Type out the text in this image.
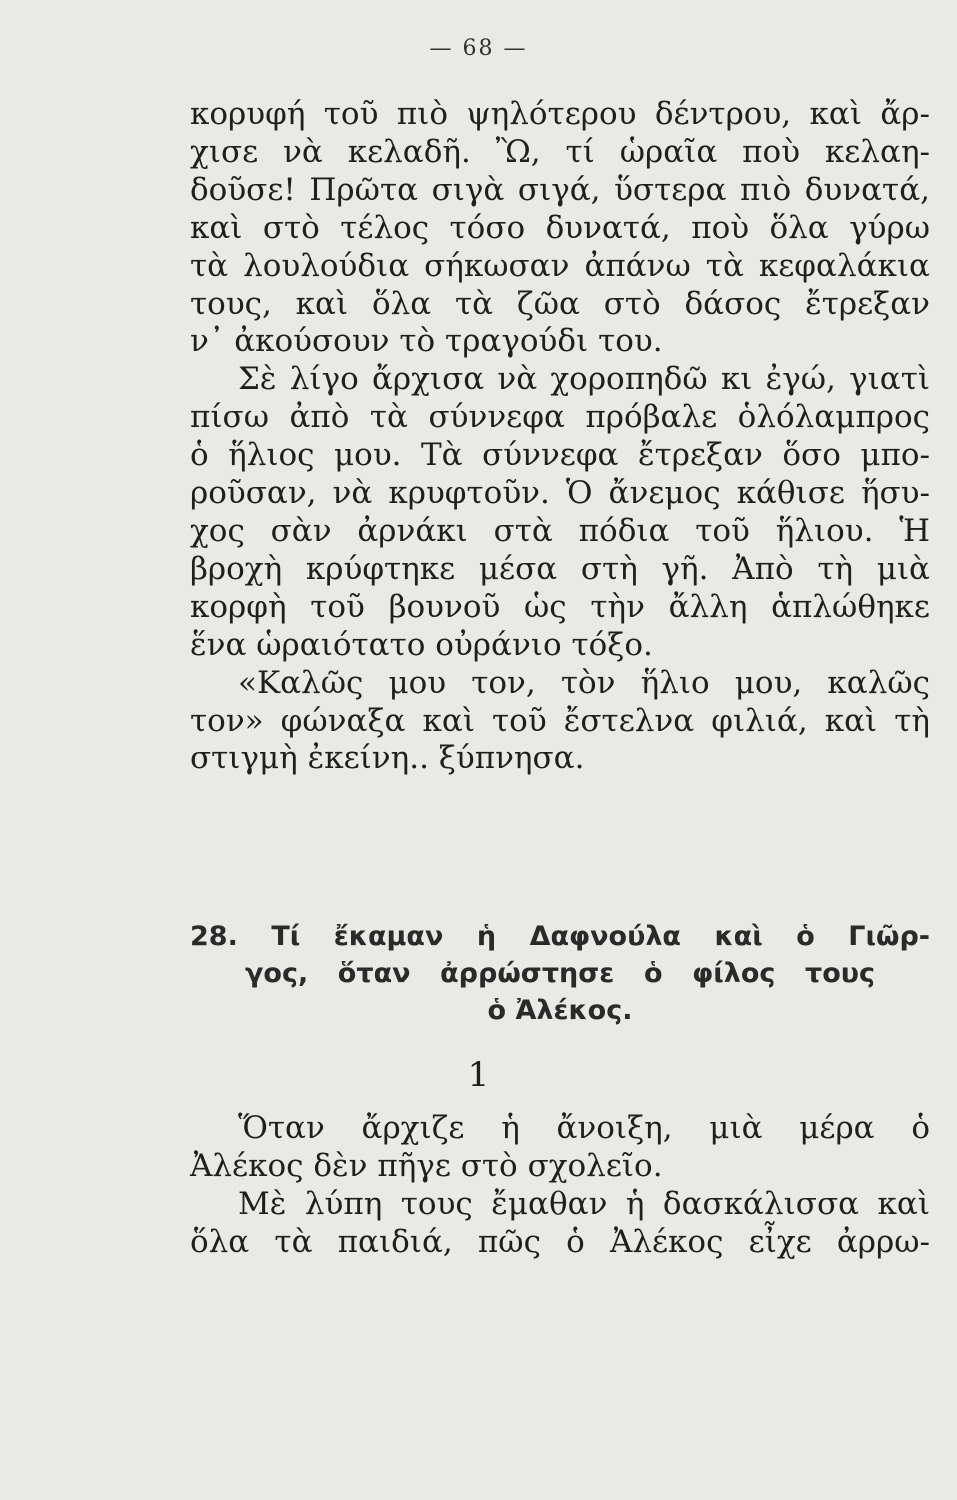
— 68 —
κορυφή τοῦ πιὸ ψηλότερου δέντρου, καὶ ἄρ-
χισε νὰ κελαδῆ. Ὢ, τί ὡραῖα ποὺ κελαη-
δοῦσε! Πρῶτα σιγὰ σιγά, ὕστερα πιὸ δυνατά,
καὶ στὸ τέλος τόσο δυνατά, ποὺ ὅλα γύρω
τὰ λουλούδια σήκωσαν ἀπάνω τὰ κεφαλάκια
τους, καὶ ὅλα τὰ ζῶα στὸ δάσος ἔτρεξαν
ν᾽ ἀκούσουν τὸ τραγούδι του.
Σὲ λίγο ἄρχισα νὰ χοροπηδῶ κι ἐγώ, γιατὶ
πίσω ἀπὸ τὰ σύννεφα πρόβαλε ὁλόλαμπρος
ὁ ἥλιος μου. Τὰ σύννεφα ἔτρεξαν ὅσο μπο-
ροῦσαν, νὰ κρυφτοῦν. Ὁ ἄνεμος κάθισε ἥσυ-
χος σὰν ἀρνάκι στὰ πόδια τοῦ ἥλιου. Ἡ
βροχὴ κρύφτηκε μέσα στὴ γῆ. Ἀπὸ τὴ μιὰ
κορφὴ τοῦ βουνοῦ ὡς τὴν ἄλλη ἁπλώθηκε
ἕνα ὡραιότατο οὐράνιο τόξο.
«Καλῶς μου τον, τὸν ἥλιο μου, καλῶς
τον» φώναξα καὶ τοῦ ἔστελνα φιλιά, καὶ τὴ
στιγμὴ ἐκείνη.. ξύπνησα.
28. Τί ἔκαμαν ἡ Δαφνούλα καὶ ὁ Γιῶρ-
γος, ὅταν ἀρρώστησε ὁ φίλος τους
ὁ Ἀλέκος.
1
Ὅταν ἄρχιζε ἡ ἄνοιξη, μιὰ μέρα ὁ
Ἀλέκος δὲν πῆγε στὸ σχολεῖο.
Μὲ λύπη τους ἔμαθαν ἡ δασκάλισσα καὶ
ὅλα τὰ παιδιά, πῶς ὁ Ἀλέκος εἶχε ἀρρω-
